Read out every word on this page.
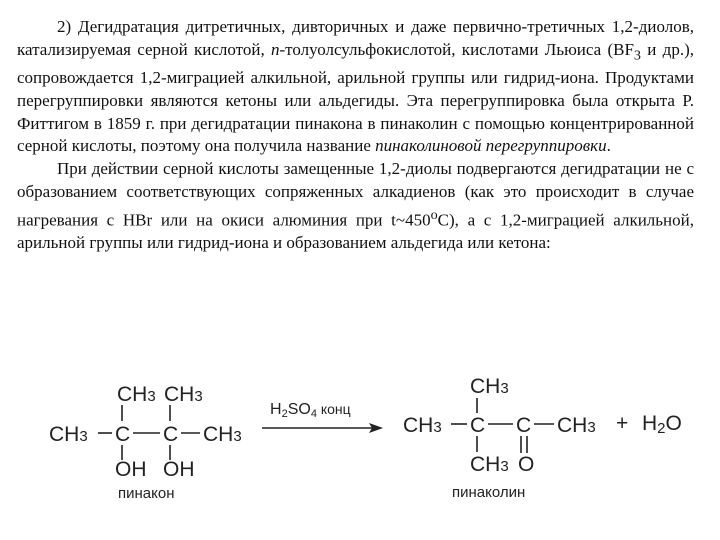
2) Дегидратация дитретичных, дивторичных и даже первично-третичных 1,2-диолов, катализируемая серной кислотой, п-толуолсульфокислотой, кислотами Льюиса ($BF_3$ и др.), сопровождается 1,2-миграцией алкильной, арильной группы или гидрид-иона. Продуктами перегруппировки являются кетоны или альдегиды. Эта перегруппировка была открыта Р. Фиттигом в 1859 г. при дегидратации пинакона в пинаколин с помощью концентрированной серной кислоты, поэтому она получила название пинаколиновой перегруппировки.

При действии серной кислоты замещенные 1,2-диолы подвергаются дегидратации не с образованием соответствующих сопряженных алкадиенов (как это происходит в случае нагревания с HBr или на окиси алюминия при t~450$^o$C), а с 1,2-миграцией алкильной, арильной группы или гидрид-иона и образованием альдегида или кетона:

CH3 CH3
CH3 C C CH3
OH OH
пинакон
$H_2SO_4$ конц
CH3
CH3 C C CH3
CH3 O
пинаколин
+ H2O
